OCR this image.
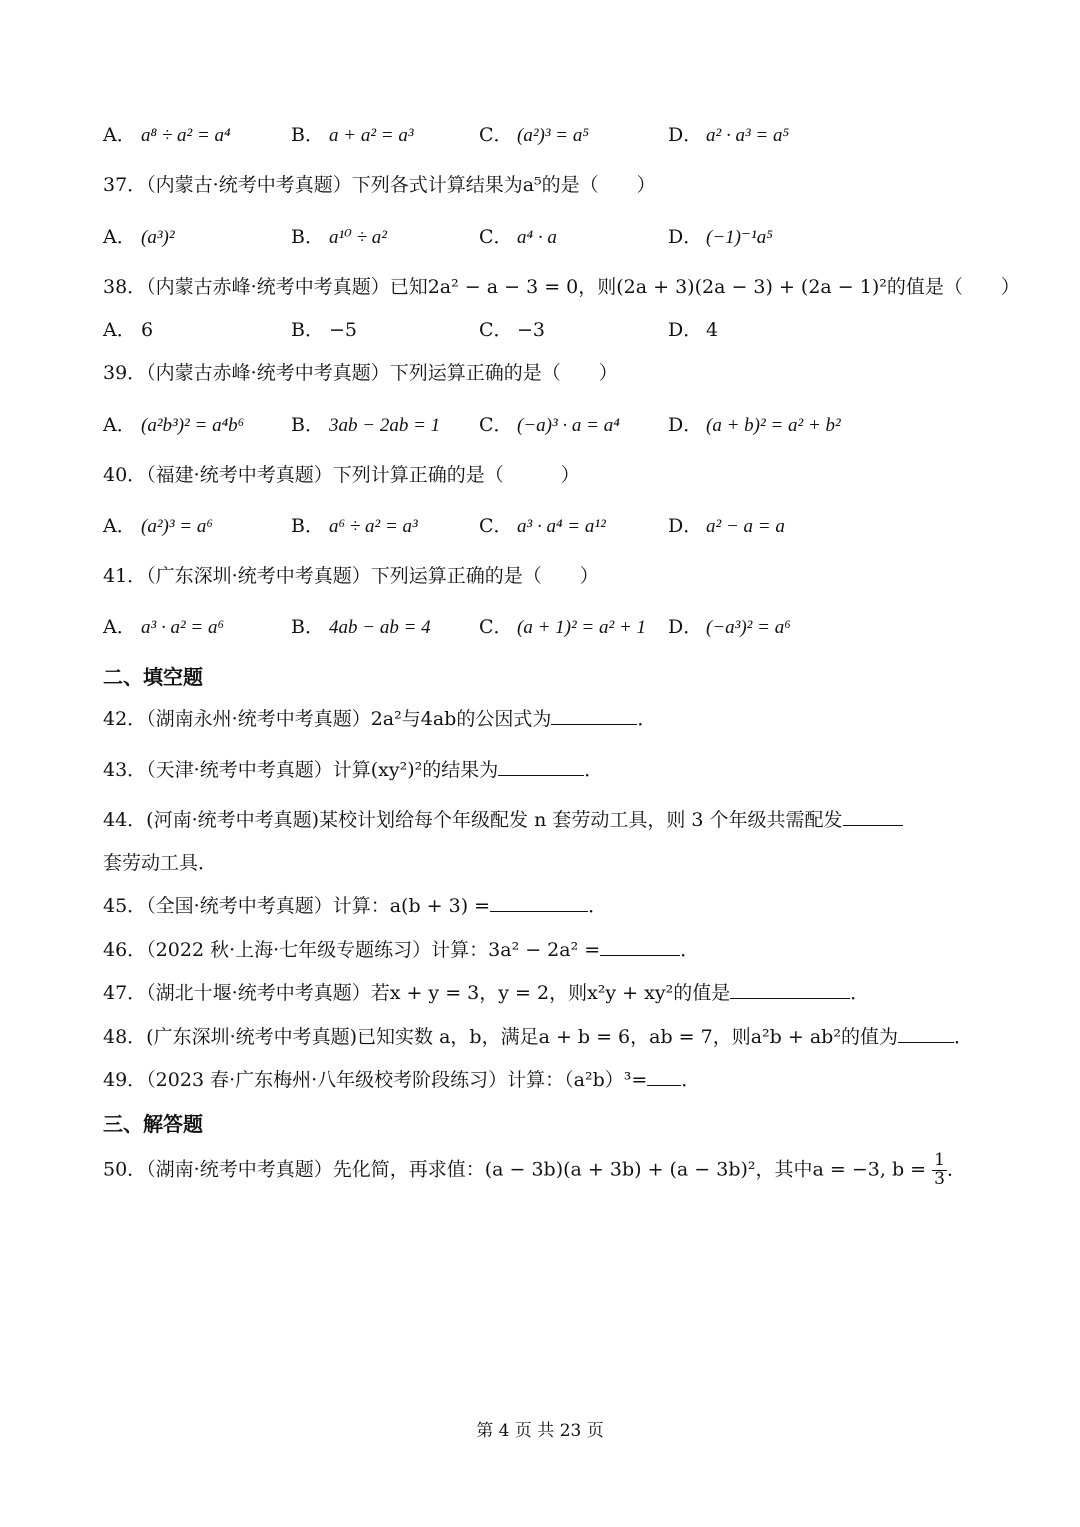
A． a⁸ ÷ a² = a⁴	B． a + a² = a³	C． (a²)³ = a⁵	D． a² · a³ = a⁵
37．（内蒙古·统考中考真题）下列各式计算结果为a⁵的是（　　）
A． (a³)²	B． a¹⁰ ÷ a²	C． a⁴ · a	D． (−1)⁻¹a⁵
38．（内蒙古赤峰·统考中考真题）已知2a² − a − 3 = 0，则(2a + 3)(2a − 3) + (2a − 1)²的值是（　　）
A． 6	B． −5	C． −3	D． 4
39．（内蒙古赤峰·统考中考真题）下列运算正确的是（　　）
A． (a²b³)² = a⁴b⁶ B． 3ab − 2ab = 1 C． (−a)³ · a = a⁴	D． (a + b)² = a² + b²
40．（福建·统考中考真题）下列计算正确的是（　　　）
A． (a²)³ = a⁶	B． a⁶ ÷ a² = a³	C． a³ · a⁴ = a¹²	D． a² − a = a
41．（广东深圳·统考中考真题）下列运算正确的是（　　）
A． a³ · a² = a⁶	B． 4ab − ab = 4	C． (a + 1)² = a² + 1 D． (−a³)² = a⁶
二、填空题
42．（湖南永州·统考中考真题）2a²与4ab的公因式为	．
43．（天津·统考中考真题）计算(xy²)²的结果为	．
44．(河南·统考中考真题)某校计划给每个年级配发 n 套劳动工具，则 3 个年级共需配发
套劳动工具．
45．（全国·统考中考真题）计算：a(b + 3) =	．
46．（2022 秋·上海·七年级专题练习）计算：3a² − 2a² =	．
47．（湖北十堰·统考中考真题）若x + y = 3，y = 2，则x²y + xy²的值是	．
48．(广东深圳·统考中考真题)已知实数 a，b，满足a + b = 6，ab = 7，则a²b + ab²的值为	．
49．（2023 春·广东梅州·八年级校考阶段练习）计算：（a²b）³= ．
三、解答题
50．（湖南·统考中考真题）先化简，再求值：(a − 3b)(a + 3b) + (a − 3b)²，其中a = −3, $b = \frac{1}{3}$ ．
第 4 页 共 23 页
